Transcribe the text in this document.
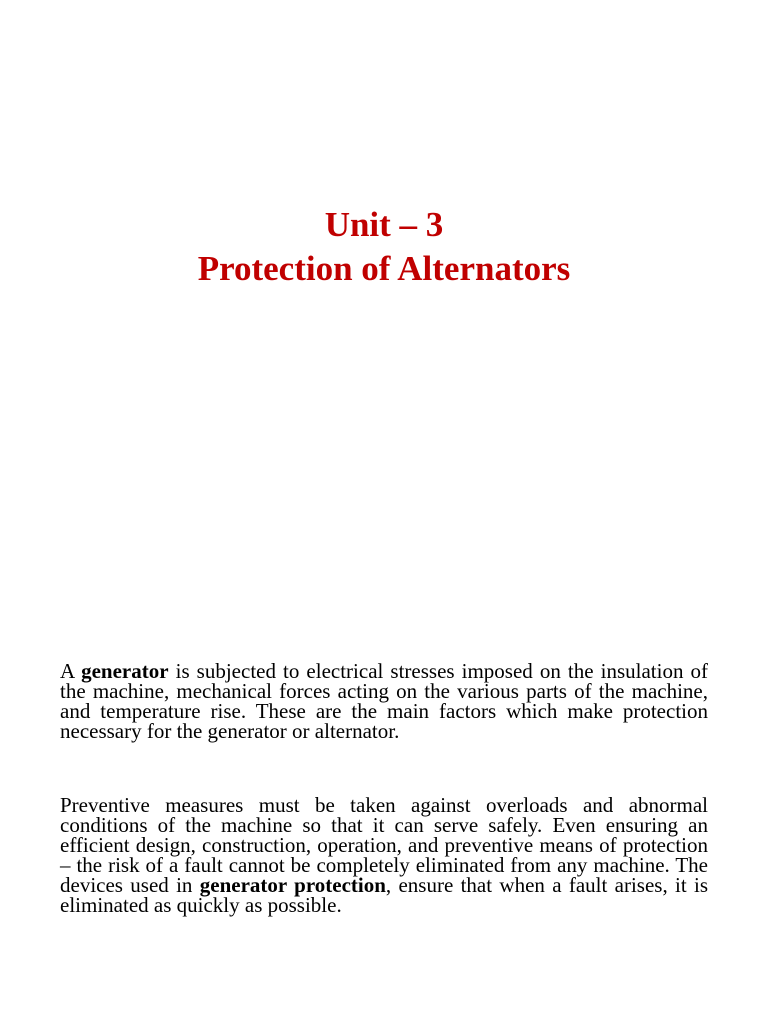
Unit – 3
Protection of Alternators

A generator is subjected to electrical stresses imposed on the insulation of the machine, mechanical forces acting on the various parts of the machine, and temperature rise. These are the main factors which make protection necessary for the generator or alternator.

Preventive measures must be taken against overloads and abnormal conditions of the machine so that it can serve safely. Even ensuring an efficient design, construction, operation, and preventive means of protection – the risk of a fault cannot be completely eliminated from any machine. The devices used in generator protection, ensure that when a fault arises, it is eliminated as quickly as possible.
